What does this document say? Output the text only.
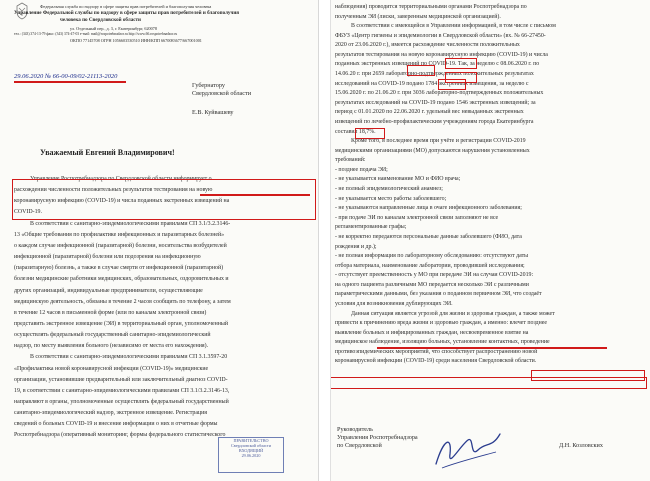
Федеральная служба по надзору в сфере защиты прав потребителей и благополучия человека
Управление Федеральной службы по надзору в сфере защиты прав потребителей и благополучия
человека по Свердловской области
ул. Отдельный пер., д. 3, г. Екатеринбург, 620078
тел.: (343) 374-13-79 факс: (343) 374-47-03 e-mail: mail@rospotrebnadzor.ru http://www.66.rospotrebnadzor.ru
ОКПО 77145708 ОГРН 1056603530510 ИНН/КПП 6670083677/667001001
29.06.2020 № 66-00-09/02-21113-2020
Губернатору
Свердловской области
Е.В. Куйвашеву
Уважаемый Евгений Владимирович!
Управление Роспотребнадзора по Свердловской области информирует о
расхождении численности положительных результатов тестирования на новую
коронавирусную инфекцию (COVID-19) и числа поданных экстренных извещений на
COVID-19.
В соответствии с санитарно-эпидемиологическими правилами СП 3.1/3.2.3146-
13 «Общие требования по профилактике инфекционных и паразитарных болезней»
о каждом случае инфекционной (паразитарной) болезни, носительства возбудителей
инфекционной (паразитарной) болезни или подозрения на инфекционную
(паразитарную) болезнь, а также в случае смерти от инфекционной (паразитарной)
болезни медицинские работники медицинских, образовательных, оздоровительных и
других организаций, индивидуальные предприниматели, осуществляющие
медицинскую деятельность, обязаны в течение 2 часов сообщить по телефону, а затем
в течение 12 часов в письменной форме (или по каналам электронной связи)
представить экстренное извещение (ЭИ) в территориальный орган, уполномоченный
осуществлять федеральный государственный санитарно-эпидемиологический
надзор, по месту выявления больного (независимо от места его нахождения).
В соответствии с санитарно-эпидемиологическими правилами СП 3.1.3597-20
«Профилактика новой коронавирусной инфекции (COVID-19)» медицинские
организации, установившие предварительный или заключительный диагноз COVID-
19, в соответствии с санитарно-эпидемиологическими правилами СП 3.1/3.2.3146-13,
направляют в органы, уполномоченные осуществлять федеральный государственный
санитарно-эпидемиологический надзор, экстренное извещение. Регистрация
сведений о больных COVID-19 и внесение информации о них в отчетные формы
Роспотребнадзора (оперативный мониторинг, формы федерального статистического
ПРАВИТЕЛЬСТВО
Свердловской области
ВХОДЯЩИЙ
29.06.2020
наблюдения) проводится территориальными органами Роспотребнадзора по
полученным ЭИ (лиски, заверенным медицинской организацией).
В соответствии с имеющейся в Управлении информацией, в том числе с письмом
ФБУЗ «Центр гигиены и эпидемиологии в Свердловской области» (вх. № 66-27450-
2020 от 23.06.2020 г.), имеется расхождение численности положительных
результатов тестирования на новую коронавирусную инфекцию (COVID-19) и числа
поданных экстренных извещений по COVID-19. Так, за неделю с 08.06.2020 г. по
14.06.20 г. при 2659 лабораторно-подтвержденных положительных результатах
исследований на COVID-19 подано 1784 экстренных извещения, за неделю с
15.06.2020 г. по 21.06.20 г. при 3036 лабораторно-подтвержденных положительных
результатах исследований на COVID-19 подано 1546 экстренных извещений; за
период с 01.01.2020 по 22.06.2020 г. удельный вес невыданных экстренных
извещений по лечебно-профилактическим учреждениям города Екатеринбурга
составил 18,7%.
Кроме того, в последнее время при учёте и регистрации COVID-2019
медицинскими организациями (МО) допускаются нарушения установленных
требований:
- позднее подача ЭИ;
- не указывается наименование МО и ФИО врача;
- не полный эпидемиологический анамнез;
- не указывается место работы заболевшего;
- не указываются направленные лица в очаге инфекционного заболевания;
- при подаче ЭИ по каналам электронной связи заполняют не все
регламентированные графы;
- не корректно передаются персональные данные заболевшего (ФИО, дата
рождения и др.);
- не полная информация по лабораторному обследованию: отсутствуют даты
отбора материала, наименование лаборатории, проводившей исследования;
- отсутствует преемственность у МО при передаче ЭИ на случаи COVID-2019:
на одного пациента различными МО передается несколько ЭИ с различными
параметрическими данными, без указания о поданном первичном ЭИ, что создаёт
условия для возникновения дублирующих ЭИ.
Данная ситуация является угрозой для жизни и здоровья граждан, а также может
привести к причинению вреда жизни и здоровью граждан, а именно: влечет позднее
выявление больных и инфицированных граждан, несвоевременное взятие на
медицинское наблюдение, изоляцию больных, установление контактных, проведение
противоэпидемических мероприятий, что способствует распространению новой
коронавирусной инфекции (COVID-19) среди населения Свердловской области.
Руководитель
Управления Роспотребнадзора
по Свердловской	Д.Н. Козловских
